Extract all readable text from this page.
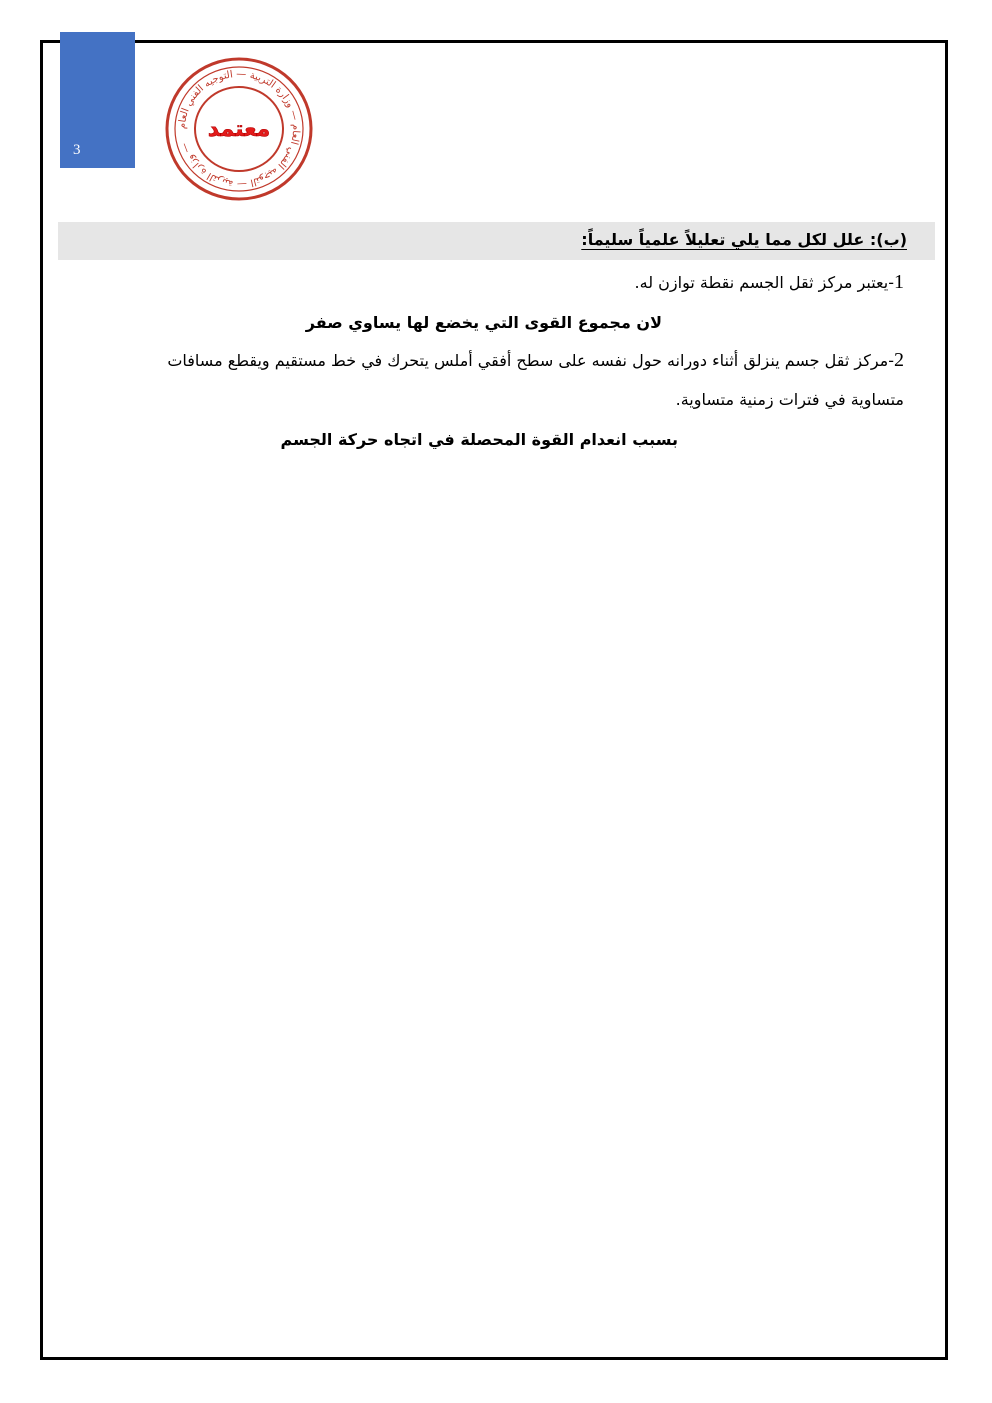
3
وزارة التربية — التوجيه الفني العام — وزارة التربية — التوجيه الفني العام —
معتمد
(ب): علل لكل مما يلي تعليلاً علمياً سليماً:
1-يعتبر مركز ثقل الجسم نقطة توازن له.
لان مجموع القوى التي يخضع لها يساوي صفر
2-مركز ثقل جسم ينزلق أثناء دورانه حول نفسه على سطح أفقي أملس يتحرك في خط مستقيم ويقطع مسافات
متساوية في فترات زمنية متساوية.
بسبب انعدام القوة المحصلة في اتجاه حركة الجسم
